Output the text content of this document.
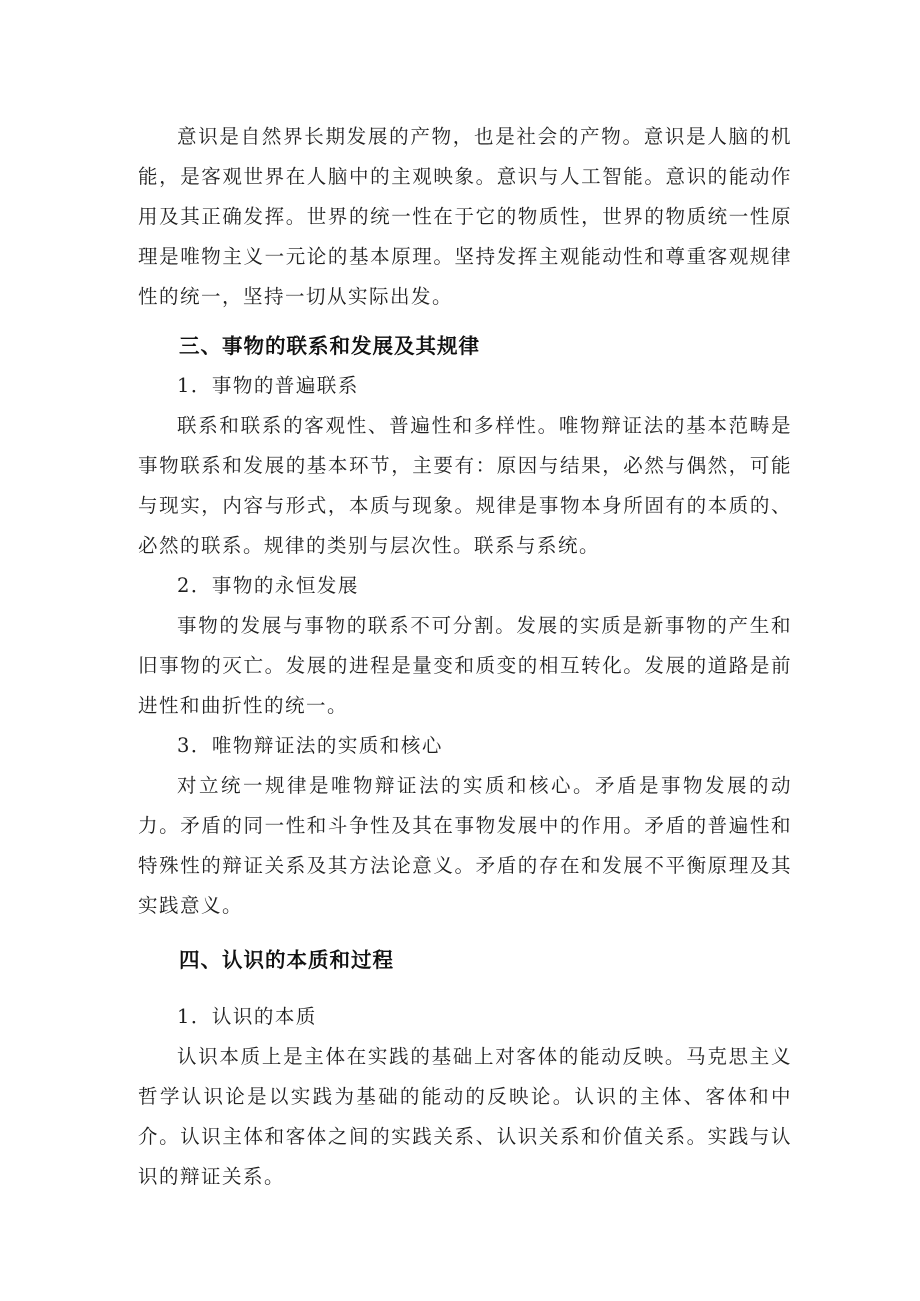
意识是自然界长期发展的产物，也是社会的产物。意识是人脑的机能，是客观世界在人脑中的主观映象。意识与人工智能。意识的能动作用及其正确发挥。世界的统一性在于它的物质性，世界的物质统一性原理是唯物主义一元论的基本原理。坚持发挥主观能动性和尊重客观规律性的统一，坚持一切从实际出发。

三、事物的联系和发展及其规律

1．事物的普遍联系

联系和联系的客观性、普遍性和多样性。唯物辩证法的基本范畴是事物联系和发展的基本环节，主要有：原因与结果，必然与偶然，可能与现实，内容与形式，本质与现象。规律是事物本身所固有的本质的、必然的联系。规律的类别与层次性。联系与系统。

2．事物的永恒发展

事物的发展与事物的联系不可分割。发展的实质是新事物的产生和旧事物的灭亡。发展的进程是量变和质变的相互转化。发展的道路是前进性和曲折性的统一。

3．唯物辩证法的实质和核心

对立统一规律是唯物辩证法的实质和核心。矛盾是事物发展的动力。矛盾的同一性和斗争性及其在事物发展中的作用。矛盾的普遍性和特殊性的辩证关系及其方法论意义。矛盾的存在和发展不平衡原理及其实践意义。

四、认识的本质和过程

1．认识的本质

认识本质上是主体在实践的基础上对客体的能动反映。马克思主义哲学认识论是以实践为基础的能动的反映论。认识的主体、客体和中介。认识主体和客体之间的实践关系、认识关系和价值关系。实践与认识的辩证关系。
